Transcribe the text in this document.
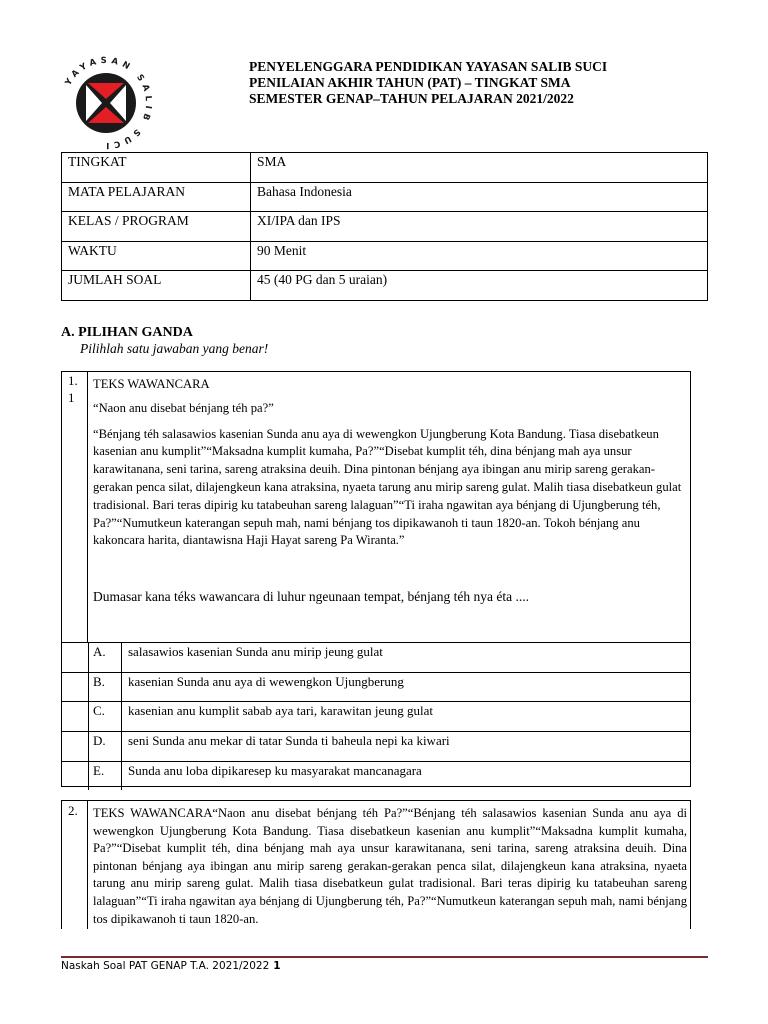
YAYASAN SALIB SUCI
PENYELENGGARA PENDIDIKAN YAYASAN SALIB SUCI
PENILAIAN AKHIR TAHUN (PAT) – TINGKAT SMA
SEMESTER GENAP–TAHUN PELAJARAN 2021/2022
TINGKAT	SMA
MATA PELAJARAN	Bahasa Indonesia
KELAS / PROGRAM	XI/IPA dan IPS
WAKTU	90 Menit
JUMLAH SOAL	45 (40 PG dan 5 uraian)
A. PILIHAN GANDA
Pilihlah satu jawaban yang benar!
1.
1

TEKS WAWANCARA

“Naon anu disebat bénjang téh pa?”

“Bénjang téh salasawios kasenian Sunda anu aya di wewengkon Ujungberung Kota Bandung. Tiasa disebatkeun kasenian anu kumplit”“Maksadna kumplit kumaha, Pa?”“Disebat kumplit téh, dina bénjang mah aya unsur karawitanana, seni tarina, sareng atraksina deuih. Dina pintonan bénjang aya ibingan anu mirip sareng gerakan-gerakan penca silat, dilajengkeun kana atraksina, nyaeta tarung anu mirip sareng gulat. Malih tiasa disebatkeun gulat tradisional. Bari teras dipirig ku tatabeuhan sareng lalaguan”“Ti iraha ngawitan aya bénjang di Ujungberung téh, Pa?”“Numutkeun katerangan sepuh mah, nami bénjang tos dipikawanoh ti taun 1820-an. Tokoh bénjang anu kakoncara harita, diantawisna Haji Hayat sareng Pa Wiranta.”

Dumasar kana téks wawancara di luhur ngeunaan tempat, bénjang téh nya éta ....

A.	salasawios kasenian Sunda anu mirip jeung gulat
B.	kasenian Sunda anu aya di wewengkon Ujungberung
C.	kasenian anu kumplit sabab aya tari, karawitan jeung gulat
D.	seni Sunda anu mekar di tatar Sunda ti baheula nepi ka kiwari
E.	Sunda anu loba dipikaresep ku masyarakat mancanagara
2.	TEKS WAWANCARA“Naon anu disebat bénjang téh Pa?”“Bénjang téh salasawios kasenian Sunda anu aya di wewengkon Ujungberung Kota Bandung. Tiasa disebatkeun kasenian anu kumplit”“Maksadna kumplit kumaha, Pa?”“Disebat kumplit téh, dina bénjang mah aya unsur karawitanana, seni tarina, sareng atraksina deuih. Dina pintonan bénjang aya ibingan anu mirip sareng gerakan-gerakan penca silat, dilajengkeun kana atraksina, nyaeta tarung anu mirip sareng gulat. Malih tiasa disebatkeun gulat tradisional. Bari teras dipirig ku tatabeuhan sareng lalaguan”“Ti iraha ngawitan aya bénjang di Ujungberung téh, Pa?”“Numutkeun katerangan sepuh mah, nami bénjang tos dipikawanoh ti taun 1820-an.

Naskah Soal PAT GENAP T.A. 2021/2022 1
